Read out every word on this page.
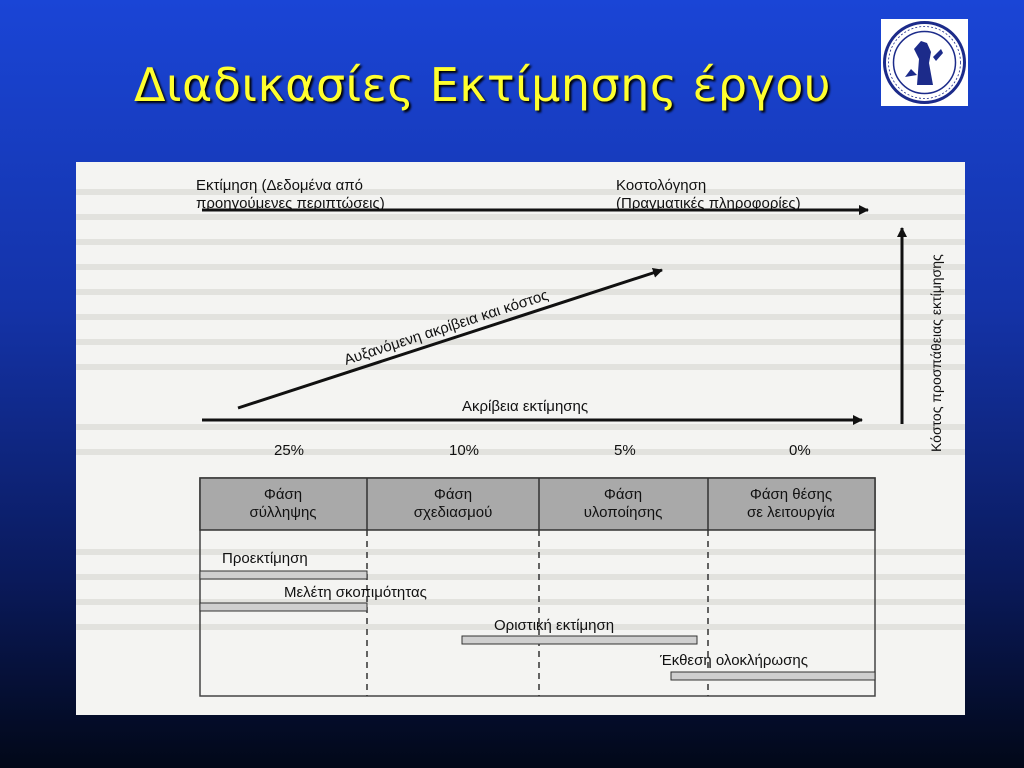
Διαδικασίες Εκτίμησης έργου
Εκτίμηση (Δεδομένα από
προηγούμενες περιπτώσεις)
Κοστολόγηση
(Πραγματικές πληροφορίες)
Αυξανόμενη ακρίβεια και κόστος
Ακρίβεια εκτίμησης	Κόστος προσπάθειας εκτίμησης
25%	10%	5%	0%
Φάση
σύλληψης
Φάση
σχεδιασμού
Φάση
υλοποίησης
Φάση θέσης
σε λειτουργία
Προεκτίμηση
Μελέτη σκοπιμότητας
Οριστική εκτίμηση
Έκθεση ολοκλήρωσης
